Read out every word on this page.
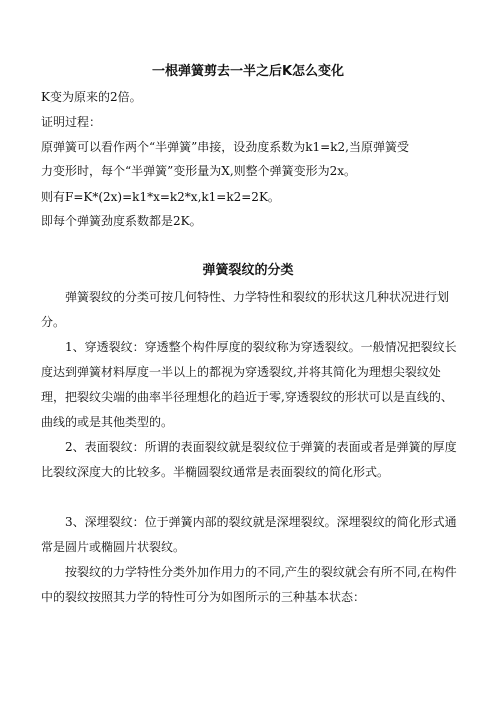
一根弹簧剪去一半之后K怎么变化
K变为原来的2倍。
证明过程：
原弹簧可以看作两个“半弹簧”串接，设劲度系数为k1=k2,当原弹簧受
力变形时，每个“半弹簧”变形量为X,则整个弹簧变形为2x。
则有F=K*(2x)=k1*x=k2*x,k1=k2=2K。
即每个弹簧劲度系数都是2K。
弹簧裂纹的分类

弹簧裂纹的分类可按几何特性、力学特性和裂纹的形状这几种状况进行划分。

1、穿透裂纹：穿透整个构件厚度的裂纹称为穿透裂纹。一般情况把裂纹长度达到弹簧材料厚度一半以上的都视为穿透裂纹,并将其简化为理想尖裂纹处理，把裂纹尖端的曲率半径理想化的趋近于零,穿透裂纹的形状可以是直线的、曲线的或是其他类型的。

2、表面裂纹：所谓的表面裂纹就是裂纹位于弹簧的表面或者是弹簧的厚度比裂纹深度大的比较多。半椭圆裂纹通常是表面裂纹的简化形式。

3、深埋裂纹：位于弹簧内部的裂纹就是深埋裂纹。深埋裂纹的简化形式通常是圆片或椭圆片状裂纹。

按裂纹的力学特性分类外加作用力的不同,产生的裂纹就会有所不同,在构件中的裂纹按照其力学的特性可分为如图所示的三种基本状态：
